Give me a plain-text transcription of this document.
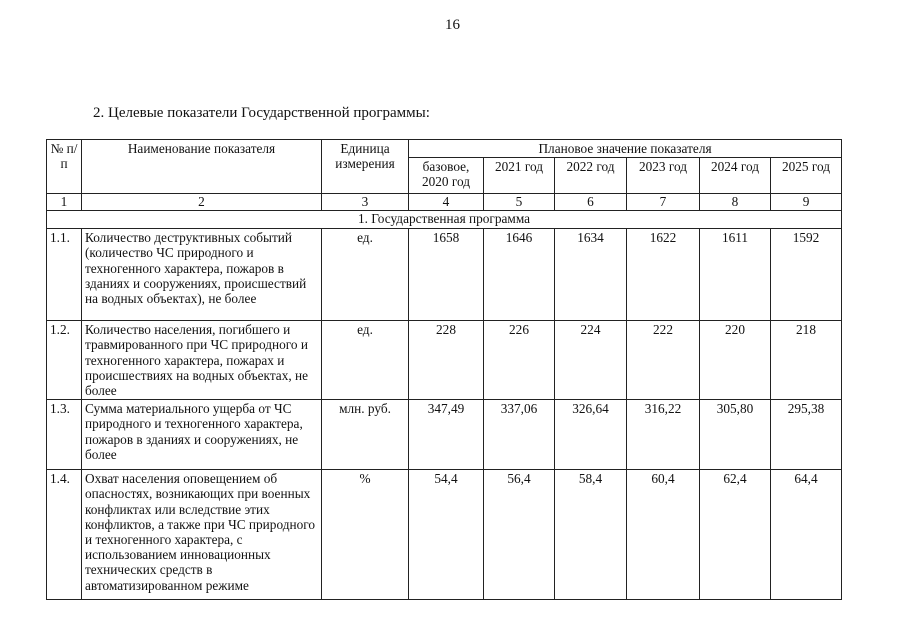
16
2. Целевые показатели Государственной программы:
№ п/п	Наименование показателя	Единица измерения	Плановое значение показателя					
			базовое, 2020 год	2021 год	2022 год	2023 год	2024 год	2025 год
1	2	3	4	5	6	7	8	9
1. Государственная программа								
1.1.	Количество деструктивных событий (количество ЧС природного и техногенного характера, пожаров в зданиях и сооружениях, происшествий на водных объектах), не более	ед.	1658	1646	1634	1622	1611	1592
1.2.	Количество населения, погибшего и травмированного при ЧС природного и техногенного характера, пожарах и происшествиях на водных объектах, не более	ед.	228	226	224	222	220	218
1.3.	Сумма материального ущерба от ЧС природного и техногенного характера, пожаров в зданиях и сооружениях, не более	млн. руб.	347,49	337,06	326,64	316,22	305,80	295,38
1.4.	Охват населения оповещением об опасностях, возникающих при военных конфликтах или вследствие этих конфликтов, а также при ЧС природного и техногенного характера, с использованием инновационных технических средств в автоматизированном режиме	%	54,4	56,4	58,4	60,4	62,4	64,4
